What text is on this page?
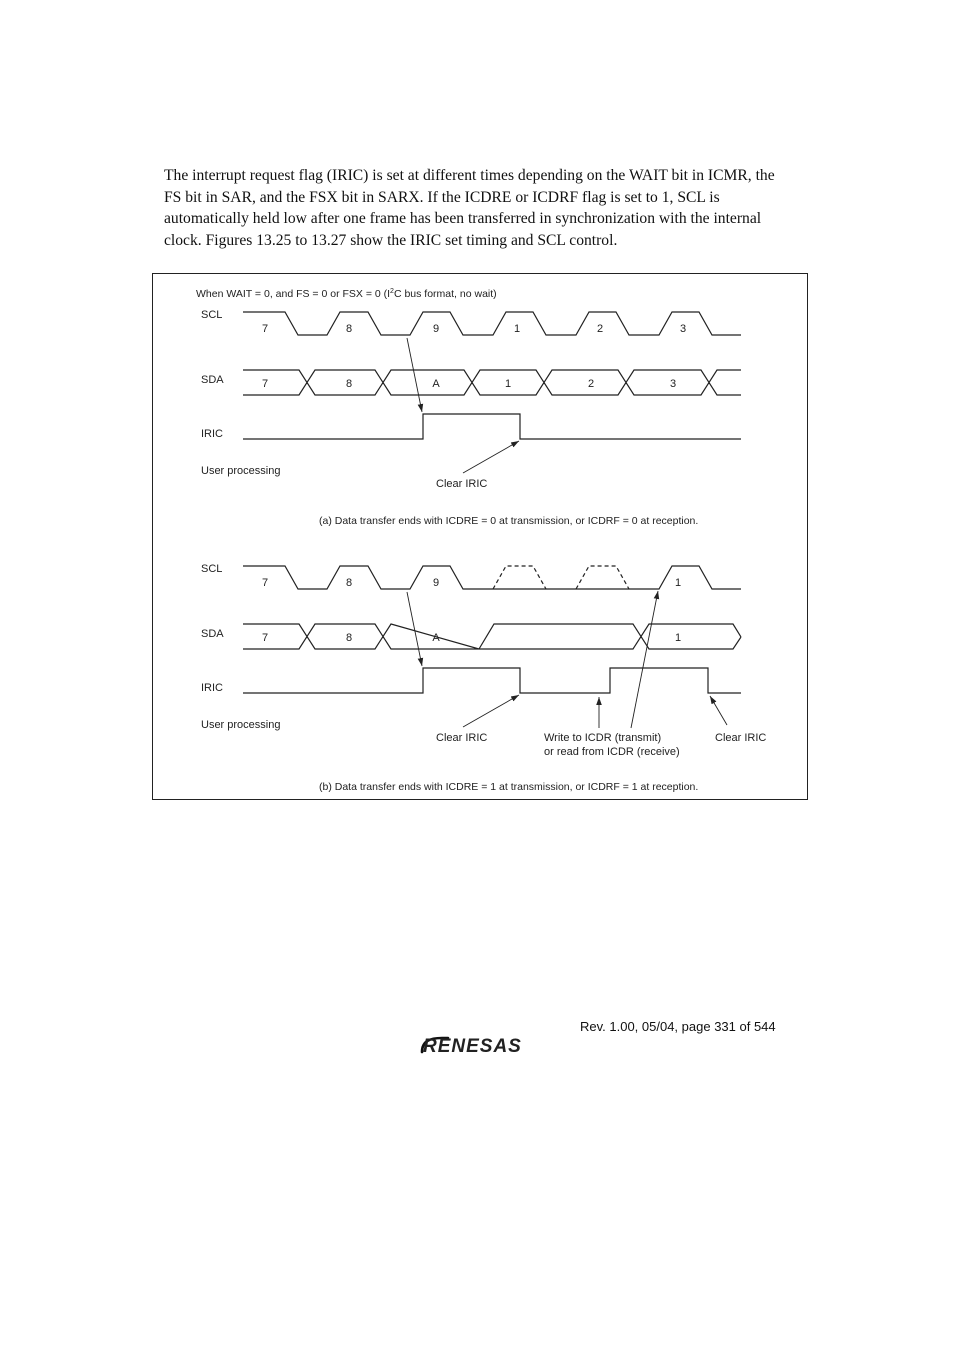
The interrupt request flag (IRIC) is set at different times depending on the WAIT bit in ICMR, the
FS bit in SAR, and the FSX bit in SARX. If the ICDRE or ICDRF flag is set to 1, SCL is
automatically held low after one frame has been transferred in synchronization with the internal
clock. Figures 13.25 to 13.27 show the IRIC set timing and SCL control.
When WAIT = 0, and FS = 0 or FSX = 0 ($I^2C$ bus format, no wait)
SCL
SDA
IRIC
User processing
7	8	9	1	2	3
7	8	A	1	2	3
Clear IRIC
(a) Data transfer ends with ICDRE = 0 at transmission, or ICDRF = 0 at reception.
SCL
SDA
IRIC
User processing
7	8	9	1
7	8	A	1
Clear IRIC	Write to ICDR (transmit)
or read from ICDR (receive)
Clear IRIC
(b) Data transfer ends with ICDRE = 1 at transmission, or ICDRF = 1 at reception.
Rev. 1.00, 05/04, page 331 of 544
RENESAS
